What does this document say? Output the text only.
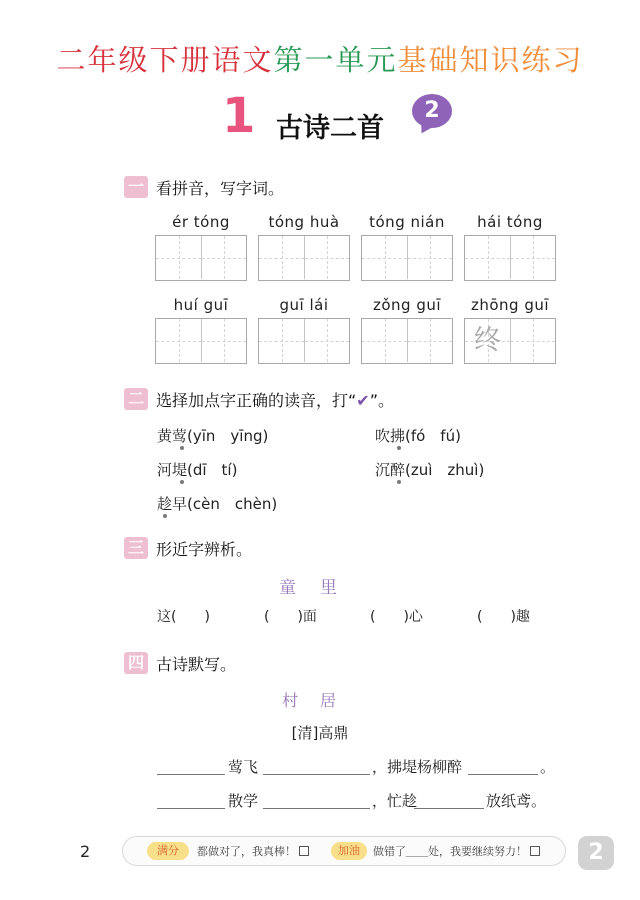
二年级下册语文第一单元基础知识练习
1 古诗二首
2
一 看拼音，写字词。
ér tóng	tóng huà	tóng nián	hái tóng
huí guī	guī lái	zǒng guī	zhōng guī
终
二 选择加点字正确的读音，打“✔”。
黄莺(yīn　yīng)	吹拂(fó　fú)
河堤(dī　tí)	沉醉(zuì　zhuì)
趁早(cèn　chèn)
三 形近字辨析。
童里
这(　　)	(　　)面	(　　)心	(　　)趣
四 古诗默写。
村居
[清]高鼎
莺飞	，拂堤杨柳醉	。
散学	，忙趁	放纸鸢。
2	满分	都做对了，我真棒！	加油	做错了＿＿处，我要继续努力！	2
